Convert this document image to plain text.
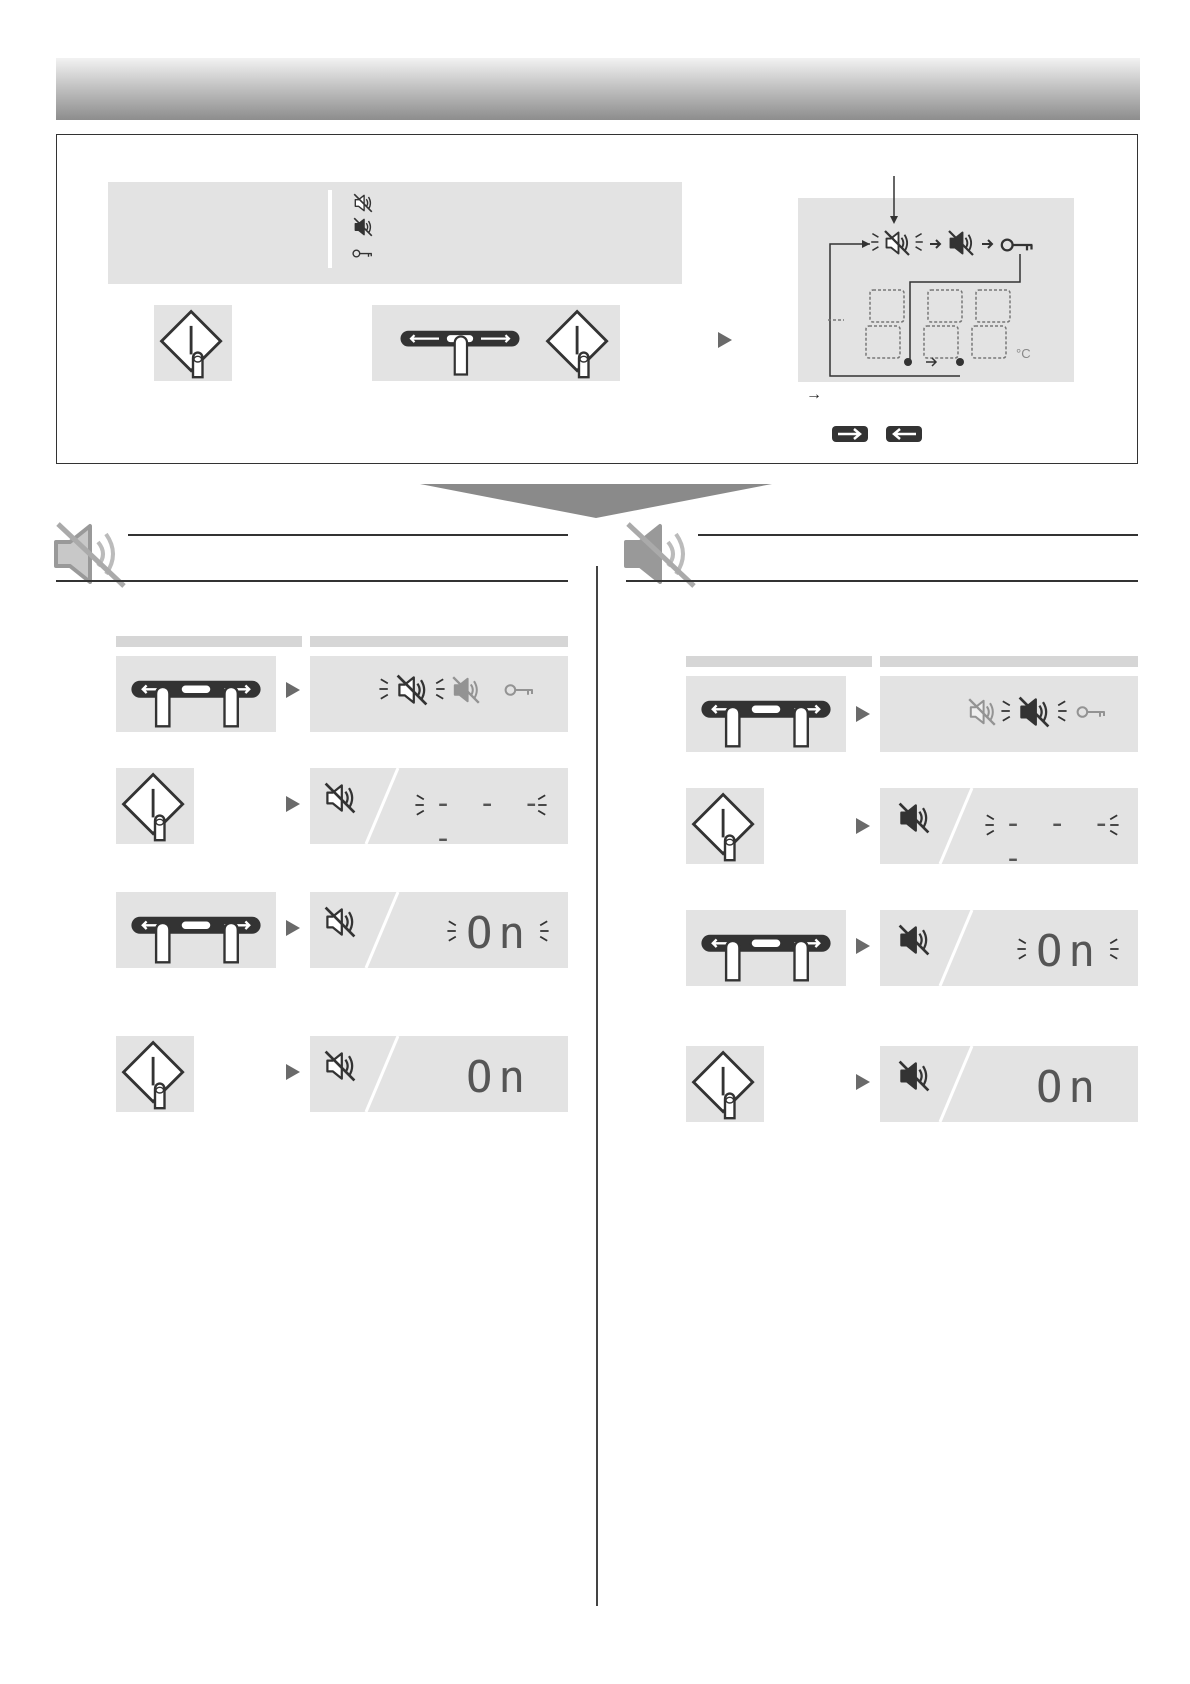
°C
→
- - - -
On
On
- - - -
On
On
